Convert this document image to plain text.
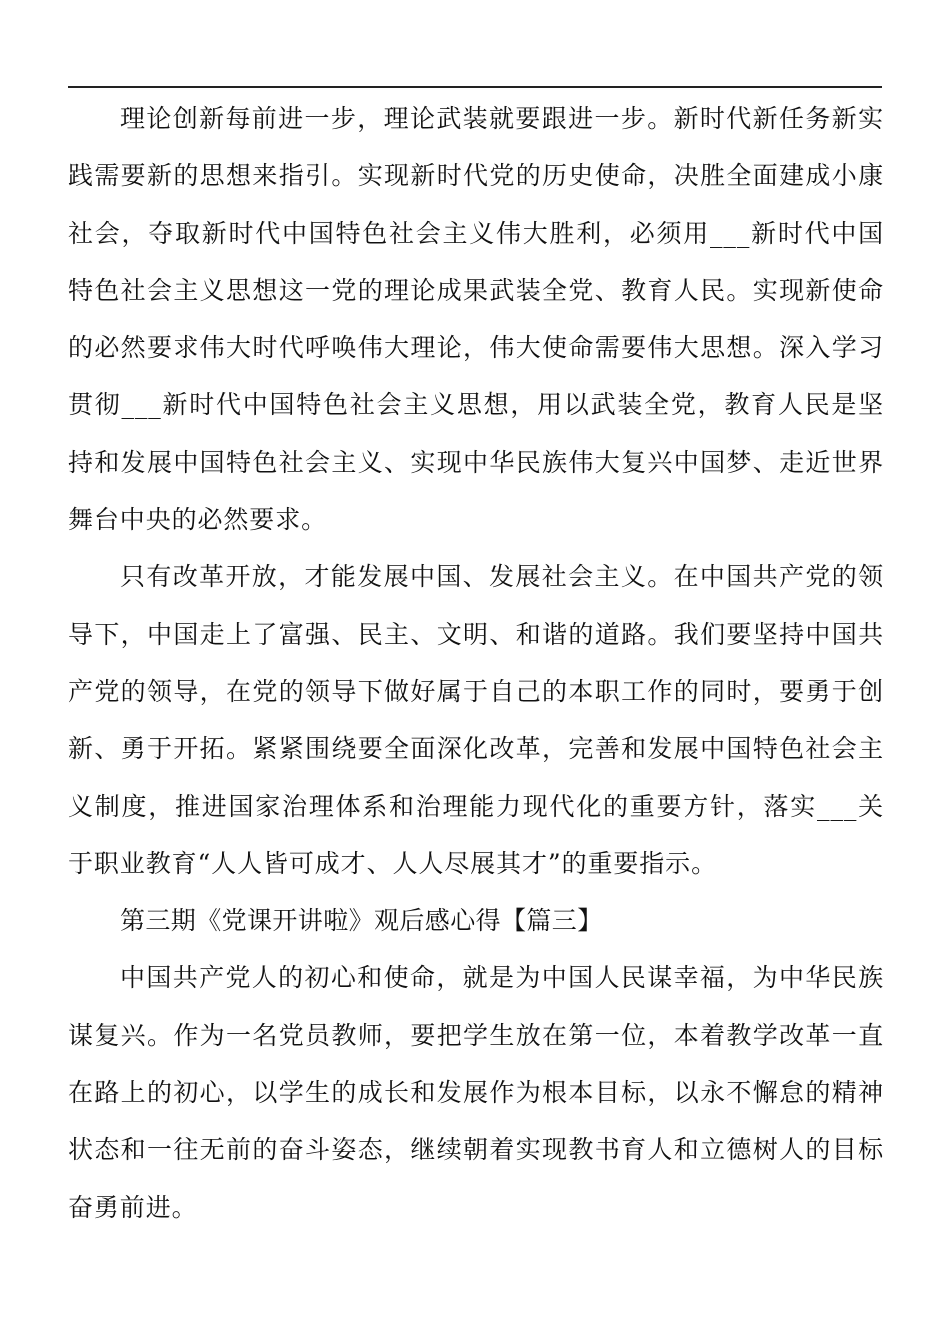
理论创新每前进一步，理论武装就要跟进一步。新时代新任务新实践需要新的思想来指引。实现新时代党的历史使命，决胜全面建成小康社会，夺取新时代中国特色社会主义伟大胜利，必须用___新时代中国特色社会主义思想这一党的理论成果武装全党、教育人民。实现新使命的必然要求伟大时代呼唤伟大理论，伟大使命需要伟大思想。深入学习贯彻___新时代中国特色社会主义思想，用以武装全党，教育人民是坚持和发展中国特色社会主义、实现中华民族伟大复兴中国梦、走近世界舞台中央的必然要求。

只有改革开放，才能发展中国、发展社会主义。在中国共产党的领导下，中国走上了富强、民主、文明、和谐的道路。我们要坚持中国共产党的领导，在党的领导下做好属于自己的本职工作的同时，要勇于创新、勇于开拓。紧紧围绕要全面深化改革，完善和发展中国特色社会主义制度，推进国家治理体系和治理能力现代化的重要方针，落实___关于职业教育“人人皆可成才、人人尽展其才”的重要指示。

第三期《党课开讲啦》观后感心得【篇三】

中国共产党人的初心和使命，就是为中国人民谋幸福，为中华民族谋复兴。作为一名党员教师，要把学生放在第一位，本着教学改革一直在路上的初心，以学生的成长和发展作为根本目标，以永不懈怠的精神状态和一往无前的奋斗姿态，继续朝着实现教书育人和立德树人的目标奋勇前进。
